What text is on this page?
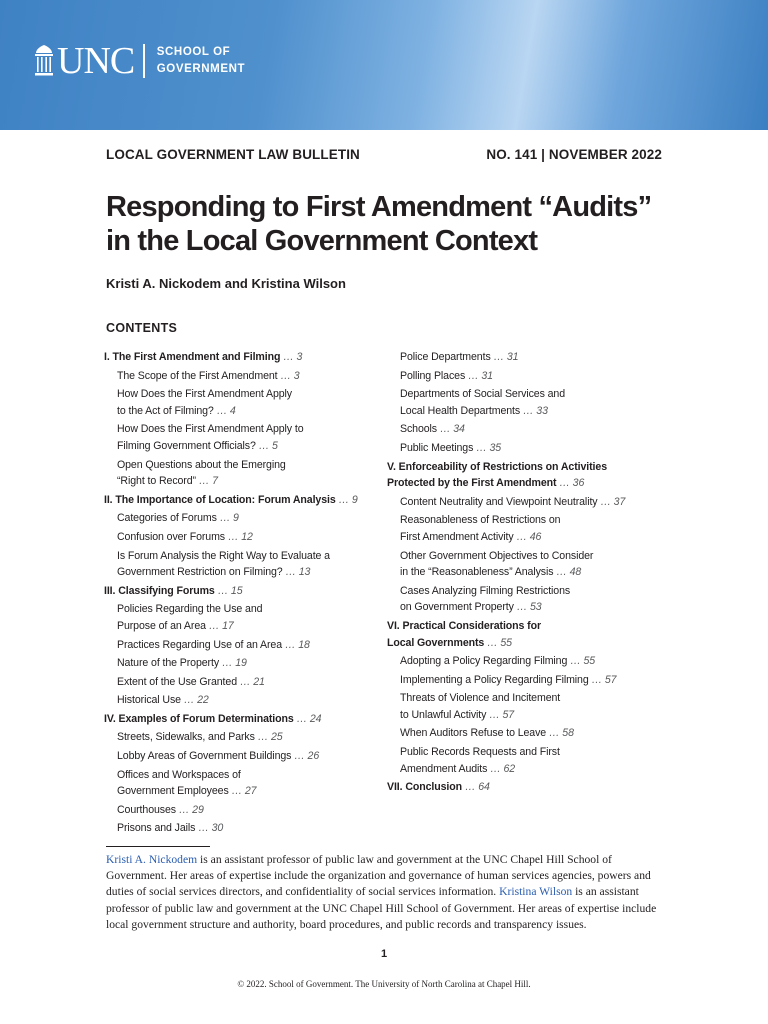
UNC SCHOOL OF
GOVERNMENT
LOCAL GOVERNMENT LAW BULLETIN	NO. 141 | NOVEMBER 2022
Responding to First Amendment “Audits”
in the Local Government Context
Kristi A. Nickodem and Kristina Wilson
CONTENTS
I. The First Amendment and Filming … 3
The Scope of the First Amendment … 3
How Does the First Amendment Apply
to the Act of Filming? … 4
How Does the First Amendment Apply to
Filming Government Officials? … 5
Open Questions about the Emerging
“Right to Record” … 7
II. The Importance of Location: Forum Analysis … 9
Categories of Forums … 9
Confusion over Forums … 12
Is Forum Analysis the Right Way to Evaluate a
Government Restriction on Filming? … 13
III. Classifying Forums … 15
Policies Regarding the Use and
Purpose of an Area … 17
Practices Regarding Use of an Area … 18
Nature of the Property … 19
Extent of the Use Granted … 21
Historical Use … 22
IV. Examples of Forum Determinations … 24
Streets, Sidewalks, and Parks … 25
Lobby Areas of Government Buildings … 26
Offices and Workspaces of
Government Employees … 27
Courthouses … 29
Prisons and Jails … 30
Police Departments … 31
Polling Places … 31
Departments of Social Services and
Local Health Departments … 33
Schools … 34
Public Meetings … 35
V. Enforceability of Restrictions on Activities
Protected by the First Amendment … 36
Content Neutrality and Viewpoint Neutrality … 37
Reasonableness of Restrictions on
First Amendment Activity … 46
Other Government Objectives to Consider
in the “Reasonableness” Analysis … 48
Cases Analyzing Filming Restrictions
on Government Property … 53
VI. Practical Considerations for
Local Governments … 55
Adopting a Policy Regarding Filming … 55
Implementing a Policy Regarding Filming … 57
Threats of Violence and Incitement
to Unlawful Activity … 57
When Auditors Refuse to Leave … 58
Public Records Requests and First
Amendment Audits … 62
VII. Conclusion … 64

Kristi A. Nickodem is an assistant professor of public law and government at the UNC Chapel Hill School of Government. Her areas of expertise include the organization and governance of human services agencies, powers and duties of social services directors, and confidentiality of social services information. Kristina Wilson is an assistant professor of public law and government at the UNC Chapel Hill School of Government. Her areas of expertise include local government structure and authority, board procedures, and public records and transparency issues.

1
© 2022. School of Government. The University of North Carolina at Chapel Hill.
